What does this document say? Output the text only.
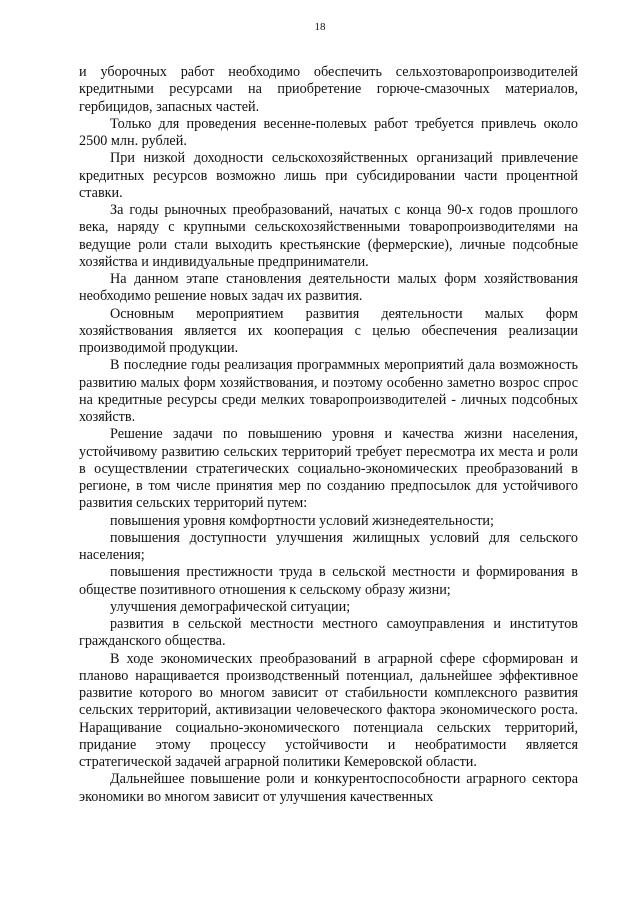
18

и уборочных работ необходимо обеспечить сельхозтоваропроизводителей кредитными ресурсами на приобретение горюче-смазочных материалов, гербицидов, запасных частей.

Только для проведения весенне-полевых работ требуется привлечь около 2500 млн. рублей.

При низкой доходности сельскохозяйственных организаций привлечение кредитных ресурсов возможно лишь при субсидировании части процентной ставки.

За годы рыночных преобразований, начатых с конца 90-х годов прошлого века, наряду с крупными сельскохозяйственными товаропроизводителями на ведущие роли стали выходить крестьянские (фермерские), личные подсобные хозяйства и индивидуальные предприниматели.

На данном этапе становления деятельности малых форм хозяйствования необходимо решение новых задач их развития.

Основным мероприятием развития деятельности малых форм хозяйствования является их кооперация с целью обеспечения реализации производимой продукции.

В последние годы реализация программных мероприятий дала возможность развитию малых форм хозяйствования, и поэтому особенно заметно возрос спрос на кредитные ресурсы среди мелких товаропроизводителей - личных подсобных хозяйств.

Решение задачи по повышению уровня и качества жизни населения, устойчивому развитию сельских территорий требует пересмотра их места и роли в осуществлении стратегических социально-экономических преобразований в регионе, в том числе принятия мер по созданию предпосылок для устойчивого развития сельских территорий путем:

повышения уровня комфортности условий жизнедеятельности;

повышения доступности улучшения жилищных условий для сельского населения;

повышения престижности труда в сельской местности и формирования в обществе позитивного отношения к сельскому образу жизни;

улучшения демографической ситуации;

развития в сельской местности местного самоуправления и институтов гражданского общества.

В ходе экономических преобразований в аграрной сфере сформирован и планово наращивается производственный потенциал, дальнейшее эффективное развитие которого во многом зависит от стабильности комплексного развития сельских территорий, активизации человеческого фактора экономического роста. Наращивание социально-экономического потенциала сельских территорий, придание этому процессу устойчивости и необратимости является стратегической задачей аграрной политики Кемеровской области.

Дальнейшее повышение роли и конкурентоспособности аграрного сектора экономики во многом зависит от улучшения качественных
